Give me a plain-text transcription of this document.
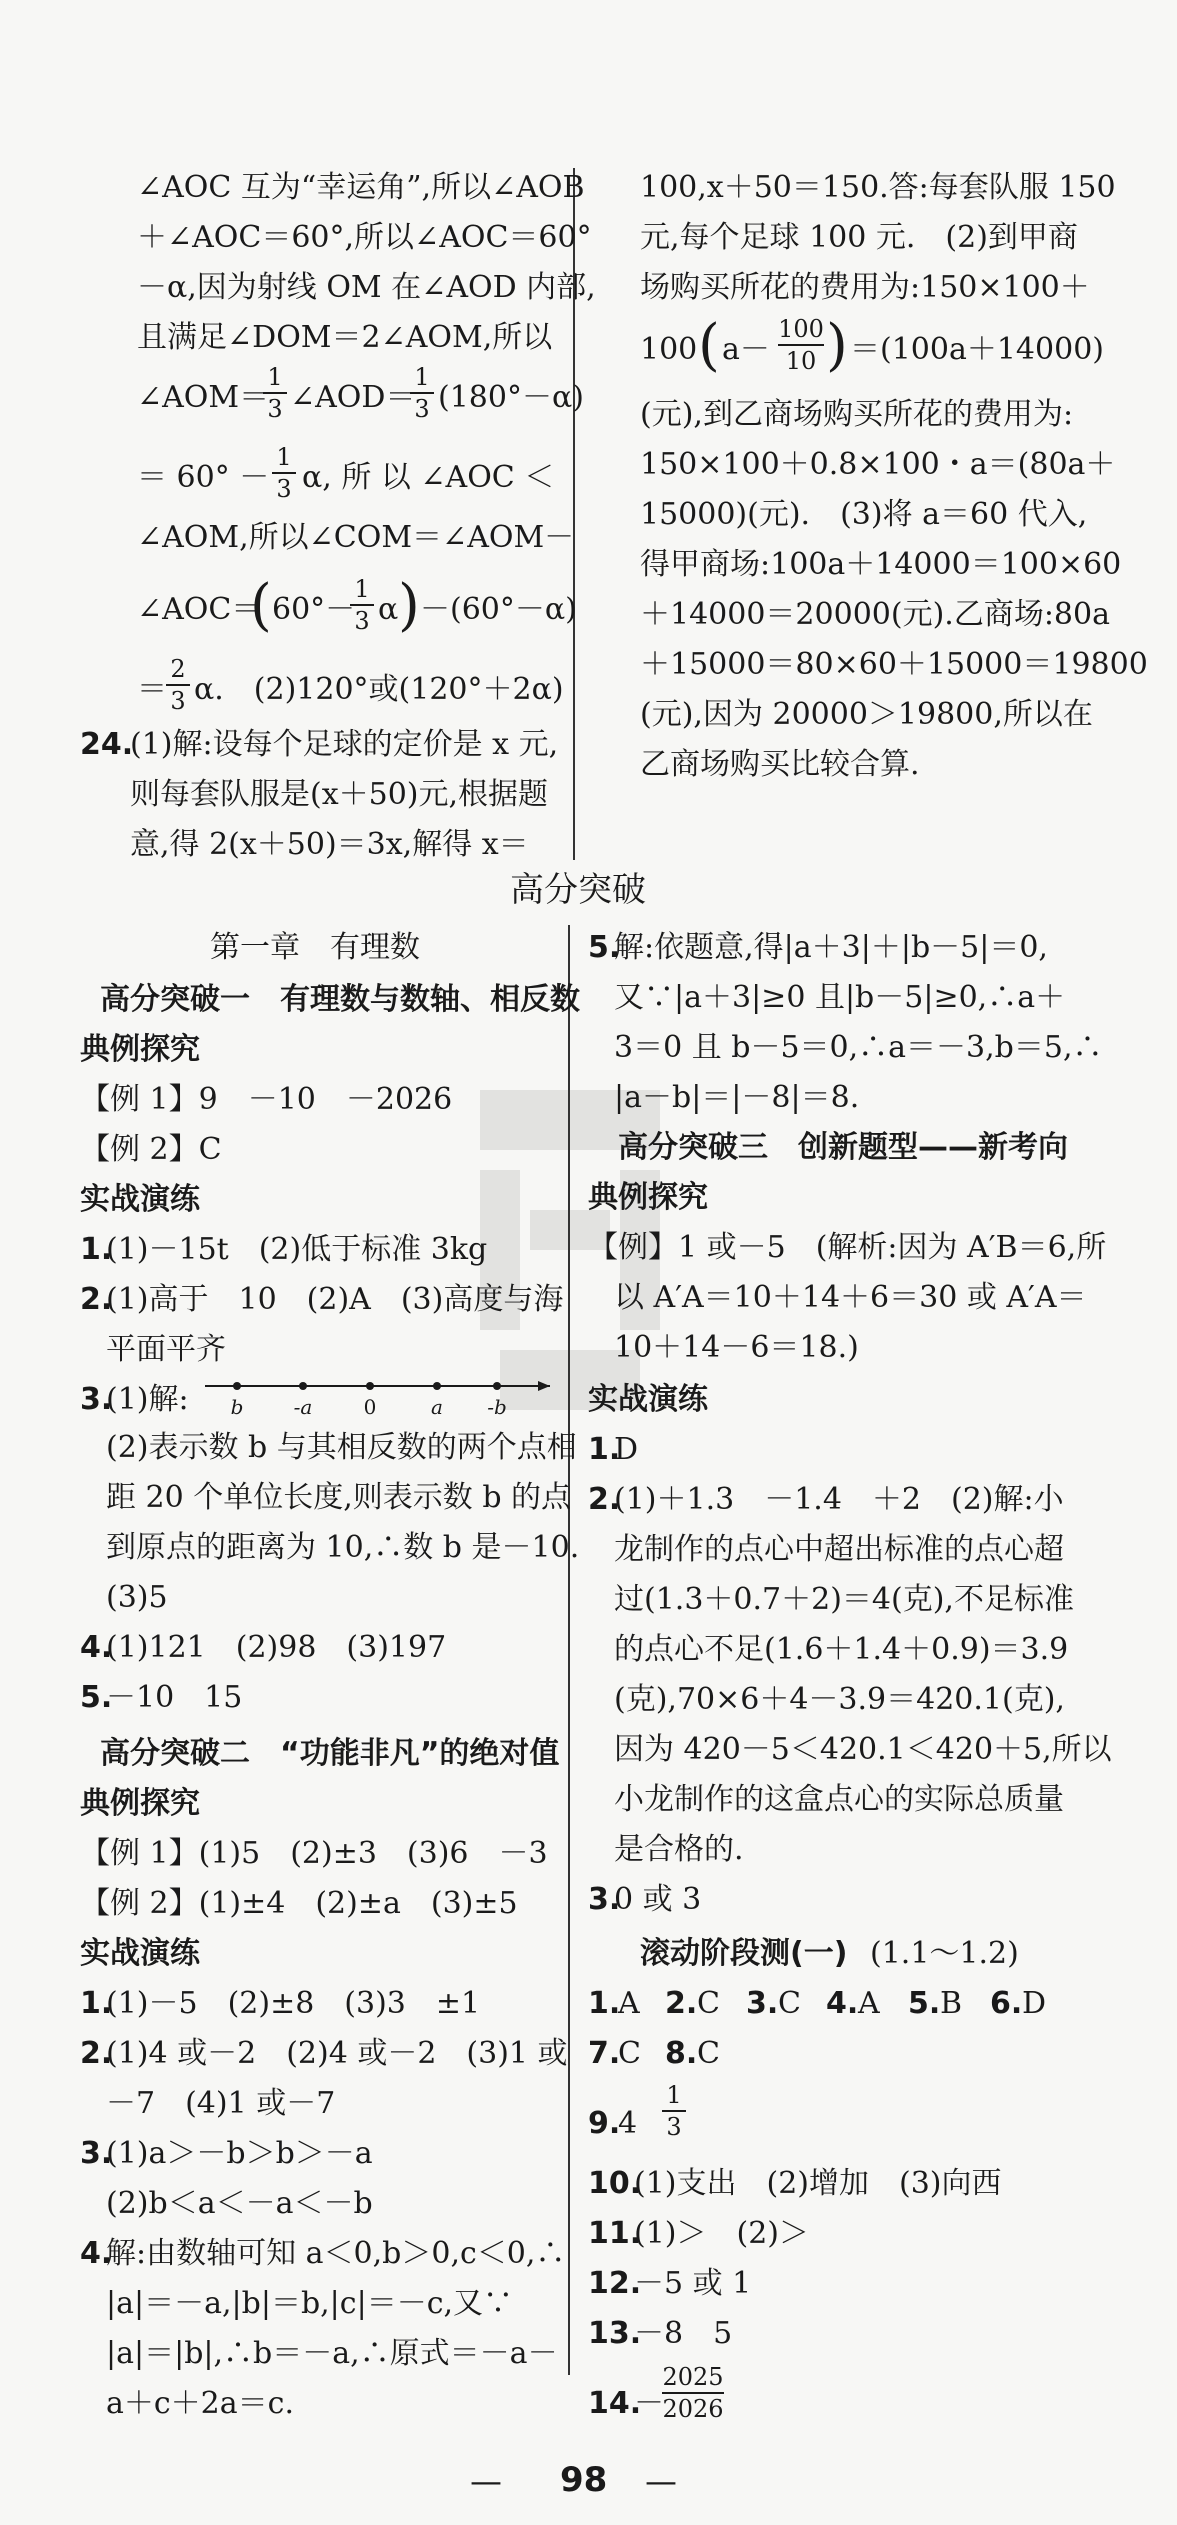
∠AOC 互为“幸运角”,所以∠AOB
＋∠AOC＝60°,所以∠AOC＝60°
－α,因为射线 OM 在∠AOD 内部,
且满足∠DOM＝2∠AOM,所以
∠AOM＝
$\frac{1}{3}$ ∠AOD＝
$\frac{1}{3} (180^\circ-\alpha)$
＝ $60^\circ - \frac{1}{3} \alpha$, 所 以 ∠AOC ＜
∠AOM,所以∠COM＝∠AOM－
∠AOC＝
( 60°－
$\frac{1}{3}$ α ) －(60°－α)
＝ $\frac{2}{3} \alpha$.　(2)120°或(120°＋2α)
24.
(1)解:设每个足球的定价是 x 元,
则每套队服是(x＋50)元,根据题
意,得 2(x＋50)＝3x,解得 x＝
100,x＋50＝150.答:每套队服 150
元,每个足球 100 元.　(2)到甲商
场购买所花的费用为:150×100＋
100 ( $a- \frac{100}{10}$ ) ＝(100a＋14000)
(元),到乙商场购买所花的费用为:
150×100＋0.8×100・a＝(80a＋
15000)(元).　(3)将 a＝60 代入,
得甲商场:100a＋14000＝100×60
＋14000＝20000(元).乙商场:80a
＋15000＝80×60＋15000＝19800
(元),因为 20000＞19800,所以在
乙商场购买比较合算.
高分突破
第一章　有理数
高分突破一　有理数与数轴、相反数
典例探究
【例 1】9　－10　－2026
【例 2】C
实战演练
1.
(1)－15t　(2)低于标准 3kg
2.
(1)高于　10　(2)A　(3)高度与海
平面平齐
3.
(1)解: b	-a	0	a -b
(2)表示数 b 与其相反数的两个点相
距 20 个单位长度,则表示数 b 的点
到原点的距离为 10,∴数 b 是－10.
(3)5
4.
(1)121　(2)98　(3)197
5.
－10　15
高分突破二　“功能非凡”的绝对值
典例探究
【例 1】(1)5　(2)±3　(3)6　－3
【例 2】(1)±4　(2)±a　(3)±5
实战演练
1.
(1)－5　(2)±8　(3)3　±1
2.
(1)4 或－2　(2)4 或－2　(3)1 或
－7　(4)1 或－7
3.
(1)a＞－b＞b＞－a
(2)b＜a＜－a＜－b
4.
解:由数轴可知 a＜0,b＞0,c＜0,∴
|a|＝－a,|b|＝b,|c|＝－c,又∵
|a|＝|b|,∴b＝－a,∴原式＝－a－
a＋c＋2a＝c.
5.
解:依题意,得|a＋3|＋|b－5|＝0,
又∵|a＋3|≥0 且|b－5|≥0,∴a＋
3＝0 且 b－5＝0,∴a＝－3,b＝5,∴
|a－b|＝|－8|＝8.
高分突破三　创新题型——新考向
典例探究
【例】1 或－5　(解析:因为 A′B＝6,所
以 A′A＝10＋14＋6＝30 或 A′A＝
10＋14－6＝18.)
实战演练
1.
D
2.
(1)＋1.3　－1.4　＋2　(2)解:小
龙制作的点心中超出标准的点心超
过(1.3＋0.7＋2)＝4(克),不足标准
的点心不足(1.6＋1.4＋0.9)＝3.9
(克),70×6＋4－3.9＝420.1(克),
因为 420－5＜420.1＜420＋5,所以
小龙制作的这盒点心的实际总质量
是合格的.
3.
0 或 3
滚动阶段测(一) (1.1～1.2)
1.
A 2. C 3. C 4. A 5. B 6. D
7.
C 8. C
9.
$4 \frac{1}{3}$
10.
(1)支出　(2)增加　(3)向西
11.
(1)＞　(2)＞
12.
－5 或 1
13.
－8　5
14.
－
$\frac{2025}{2026}$
— 98 —
